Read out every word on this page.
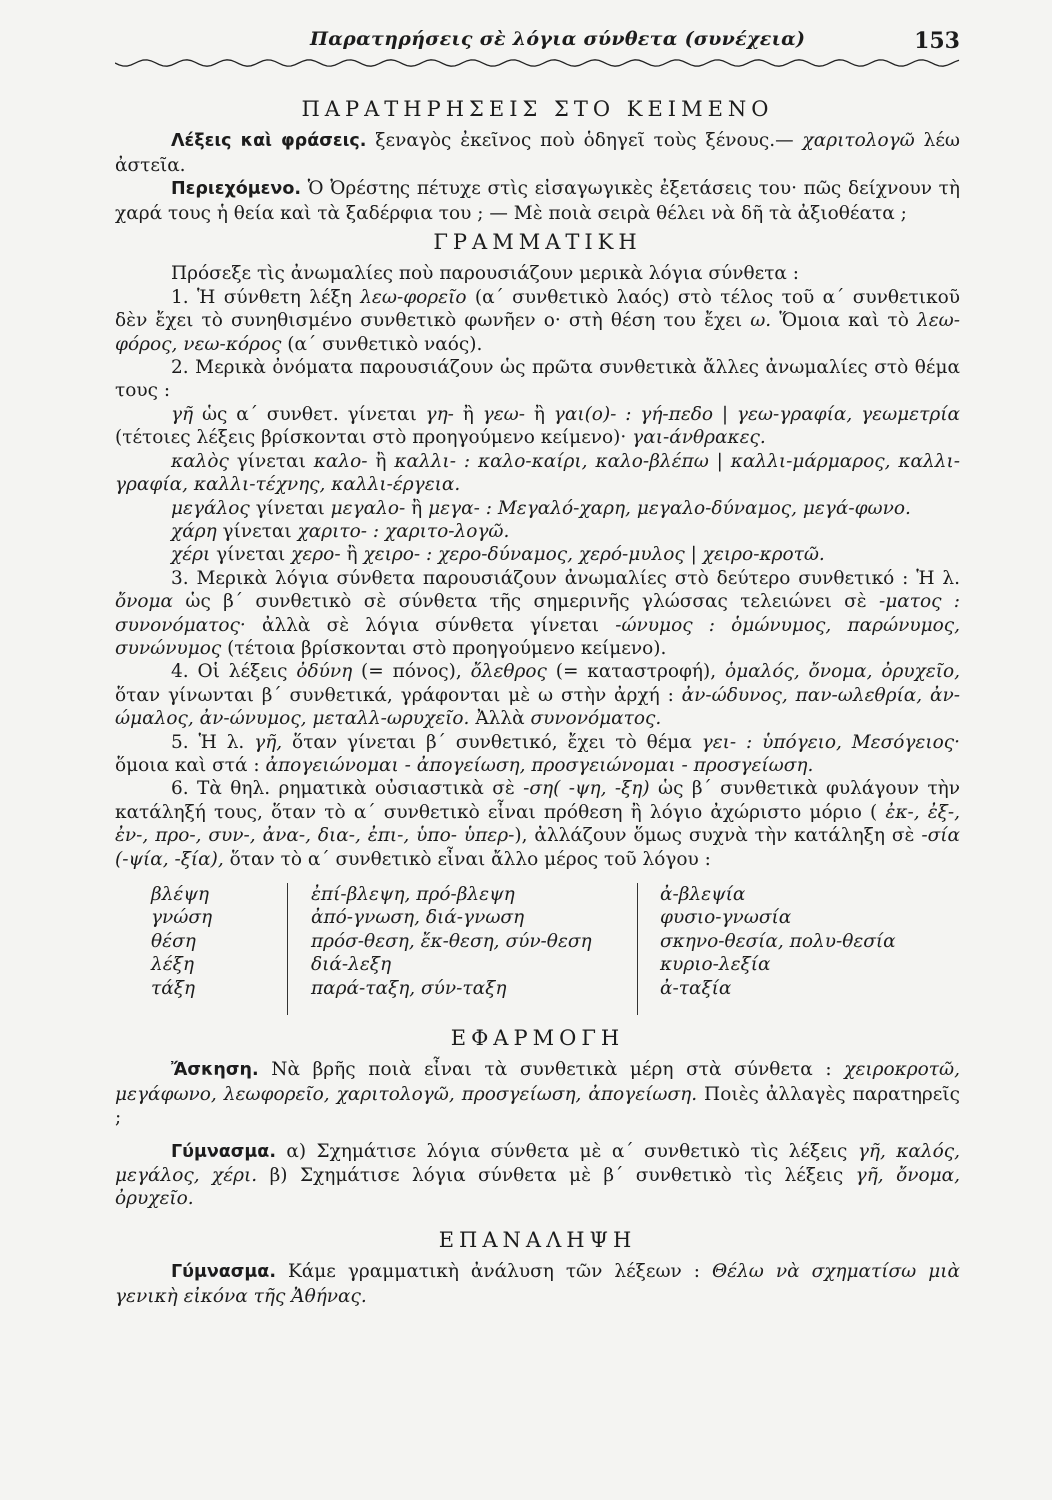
Παρατηρήσεις σὲ λόγια σύνθετα (συνέχεια)	153
ΠΑΡΑΤΗΡΗΣΕΙΣ ΣΤΟ ΚΕΙΜΕΝΟ

Λέξεις καὶ φράσεις. ξεναγὸς ἐκεῖνος ποὺ ὁδηγεῖ τοὺς ξένους.— χαριτολογῶ λέω ἀστεῖα.

Περιεχόμενο. Ὁ Ὀρέστης πέτυχε στὶς εἰσαγωγικὲς ἐξετάσεις του· πῶς δείχνουν τὴ χαρά τους ἡ θεία καὶ τὰ ξαδέρφια του ; — Μὲ ποιὰ σειρὰ θέλει νὰ δῆ τὰ ἀξιοθέατα ;

ΓΡΑΜΜΑΤΙΚΗ

Πρόσεξε τὶς ἀνωμαλίες ποὺ παρουσιάζουν μερικὰ λόγια σύνθετα :

1. Ἡ σύνθετη λέξη λεω-φορεῖο (α΄ συνθετικὸ λαός) στὸ τέλος τοῦ α΄ συνθετικοῦ δὲν ἔχει τὸ συνηθισμένο συνθετικὸ φωνῆεν ο· στὴ θέση του ἔχει ω. Ὅμοια καὶ τὸ λεω-φόρος, νεω-κόρος (α΄ συνθετικὸ ναός).

2. Μερικὰ ὀνόματα παρουσιάζουν ὡς πρῶτα συνθετικὰ ἄλλες ἀνωμαλίες στὸ θέμα τους :

γῆ ὡς α΄ συνθετ. γίνεται γη- ἢ γεω- ἢ γαι(ο)- : γή-πεδο | γεω-γραφία, γεωμετρία (τέτοιες λέξεις βρίσκονται στὸ προηγούμενο κείμενο)· γαι-άνθρακες.

καλὸς γίνεται καλο- ἢ καλλι- : καλο-καίρι, καλο-βλέπω | καλλι-μάρμαρος, καλλι-γραφία, καλλι-τέχνης, καλλι-έργεια.

μεγάλος γίνεται μεγαλο- ἢ μεγα- : Μεγαλό-χαρη, μεγαλο-δύναμος, μεγά-φωνο.

χάρη γίνεται χαριτο- : χαριτο-λογῶ.

χέρι γίνεται χερο- ἢ χειρο- : χερο-δύναμος, χερό-μυλος | χειρο-κροτῶ.

3. Μερικὰ λόγια σύνθετα παρουσιάζουν ἀνωμαλίες στὸ δεύτερο συνθετικό : Ἡ λ. ὄνομα ὡς β΄ συνθετικὸ σὲ σύνθετα τῆς σημερινῆς γλώσσας τελειώνει σὲ -ματος : συνονόματος· ἀλλὰ σὲ λόγια σύνθετα γίνεται -ώνυμος : ὁμώνυμος, παρώνυμος, συνώνυμος (τέτοια βρίσκονται στὸ προηγούμενο κείμενο).

4. Οἱ λέξεις ὀδύνη (= πόνος), ὄλεθρος (= καταστροφή), ὁμαλός, ὄνομα, ὀρυχεῖο, ὅταν γίνωνται β΄ συνθετικά, γράφονται μὲ ω στὴν ἀρχή : ἀν-ώδυνος, παν-ωλεθρία, ἀν-ώμαλος, ἀν-ώνυμος, μεταλλ-ωρυχεῖο. Ἀλλὰ συνονόματος.

5. Ἡ λ. γῆ, ὅταν γίνεται β΄ συνθετικό, ἔχει τὸ θέμα γει- : ὑπόγειο, Μεσόγειος· ὅμοια καὶ στά : ἀπογειώνομαι - ἀπογείωση, προσγειώνομαι - προσγείωση.

6. Τὰ θηλ. ρηματικὰ οὐσιαστικὰ σὲ -ση( -ψη, -ξη) ὡς β΄ συνθετικὰ φυλάγουν τὴν κατάληξή τους, ὅταν τὸ α΄ συνθετικὸ εἶναι πρόθεση ἢ λόγιο ἀχώριστο μόριο ( ἐκ-, ἐξ-, ἐν-, προ-, συν-, ἀνα-, δια-, ἐπι-, ὑπο- ὑπερ-), ἀλλάζουν ὅμως συχνὰ τὴν κατάληξη σὲ -σία (-ψία, -ξία), ὅταν τὸ α΄ συνθετικὸ εἶναι ἄλλο μέρος τοῦ λόγου :

βλέψη
γνώση
θέση
λέξη
τάξη
ἐπί-βλεψη, πρό-βλεψη
ἀπό-γνωση, διά-γνωση
πρόσ-θεση, ἔκ-θεση, σύν-θεση
διά-λεξη
παρά-ταξη, σύν-ταξη
ἀ-βλεψία
φυσιο-γνωσία
σκηνο-θεσία, πολυ-θεσία
κυριο-λεξία
ἀ-ταξία
ΕΦΑΡΜΟΓΗ

Ἄσκηση. Νὰ βρῆς ποιὰ εἶναι τὰ συνθετικὰ μέρη στὰ σύνθετα : χειροκροτῶ, μεγάφωνο, λεωφορεῖο, χαριτολογῶ, προσγείωση, ἀπογείωση. Ποιὲς ἀλλαγὲς παρατηρεῖς ;

Γύμνασμα. α) Σχημάτισε λόγια σύνθετα μὲ α΄ συνθετικὸ τὶς λέξεις γῆ, καλός, μεγάλος, χέρι. β) Σχημάτισε λόγια σύνθετα μὲ β΄ συνθετικὸ τὶς λέξεις γῆ, ὄνομα, ὀρυχεῖο.

ΕΠΑΝΑΛΗΨΗ

Γύμνασμα. Κάμε γραμματικὴ ἀνάλυση τῶν λέξεων : Θέλω νὰ σχηματίσω μιὰ γενικὴ εἰκόνα τῆς Ἀθήνας.
